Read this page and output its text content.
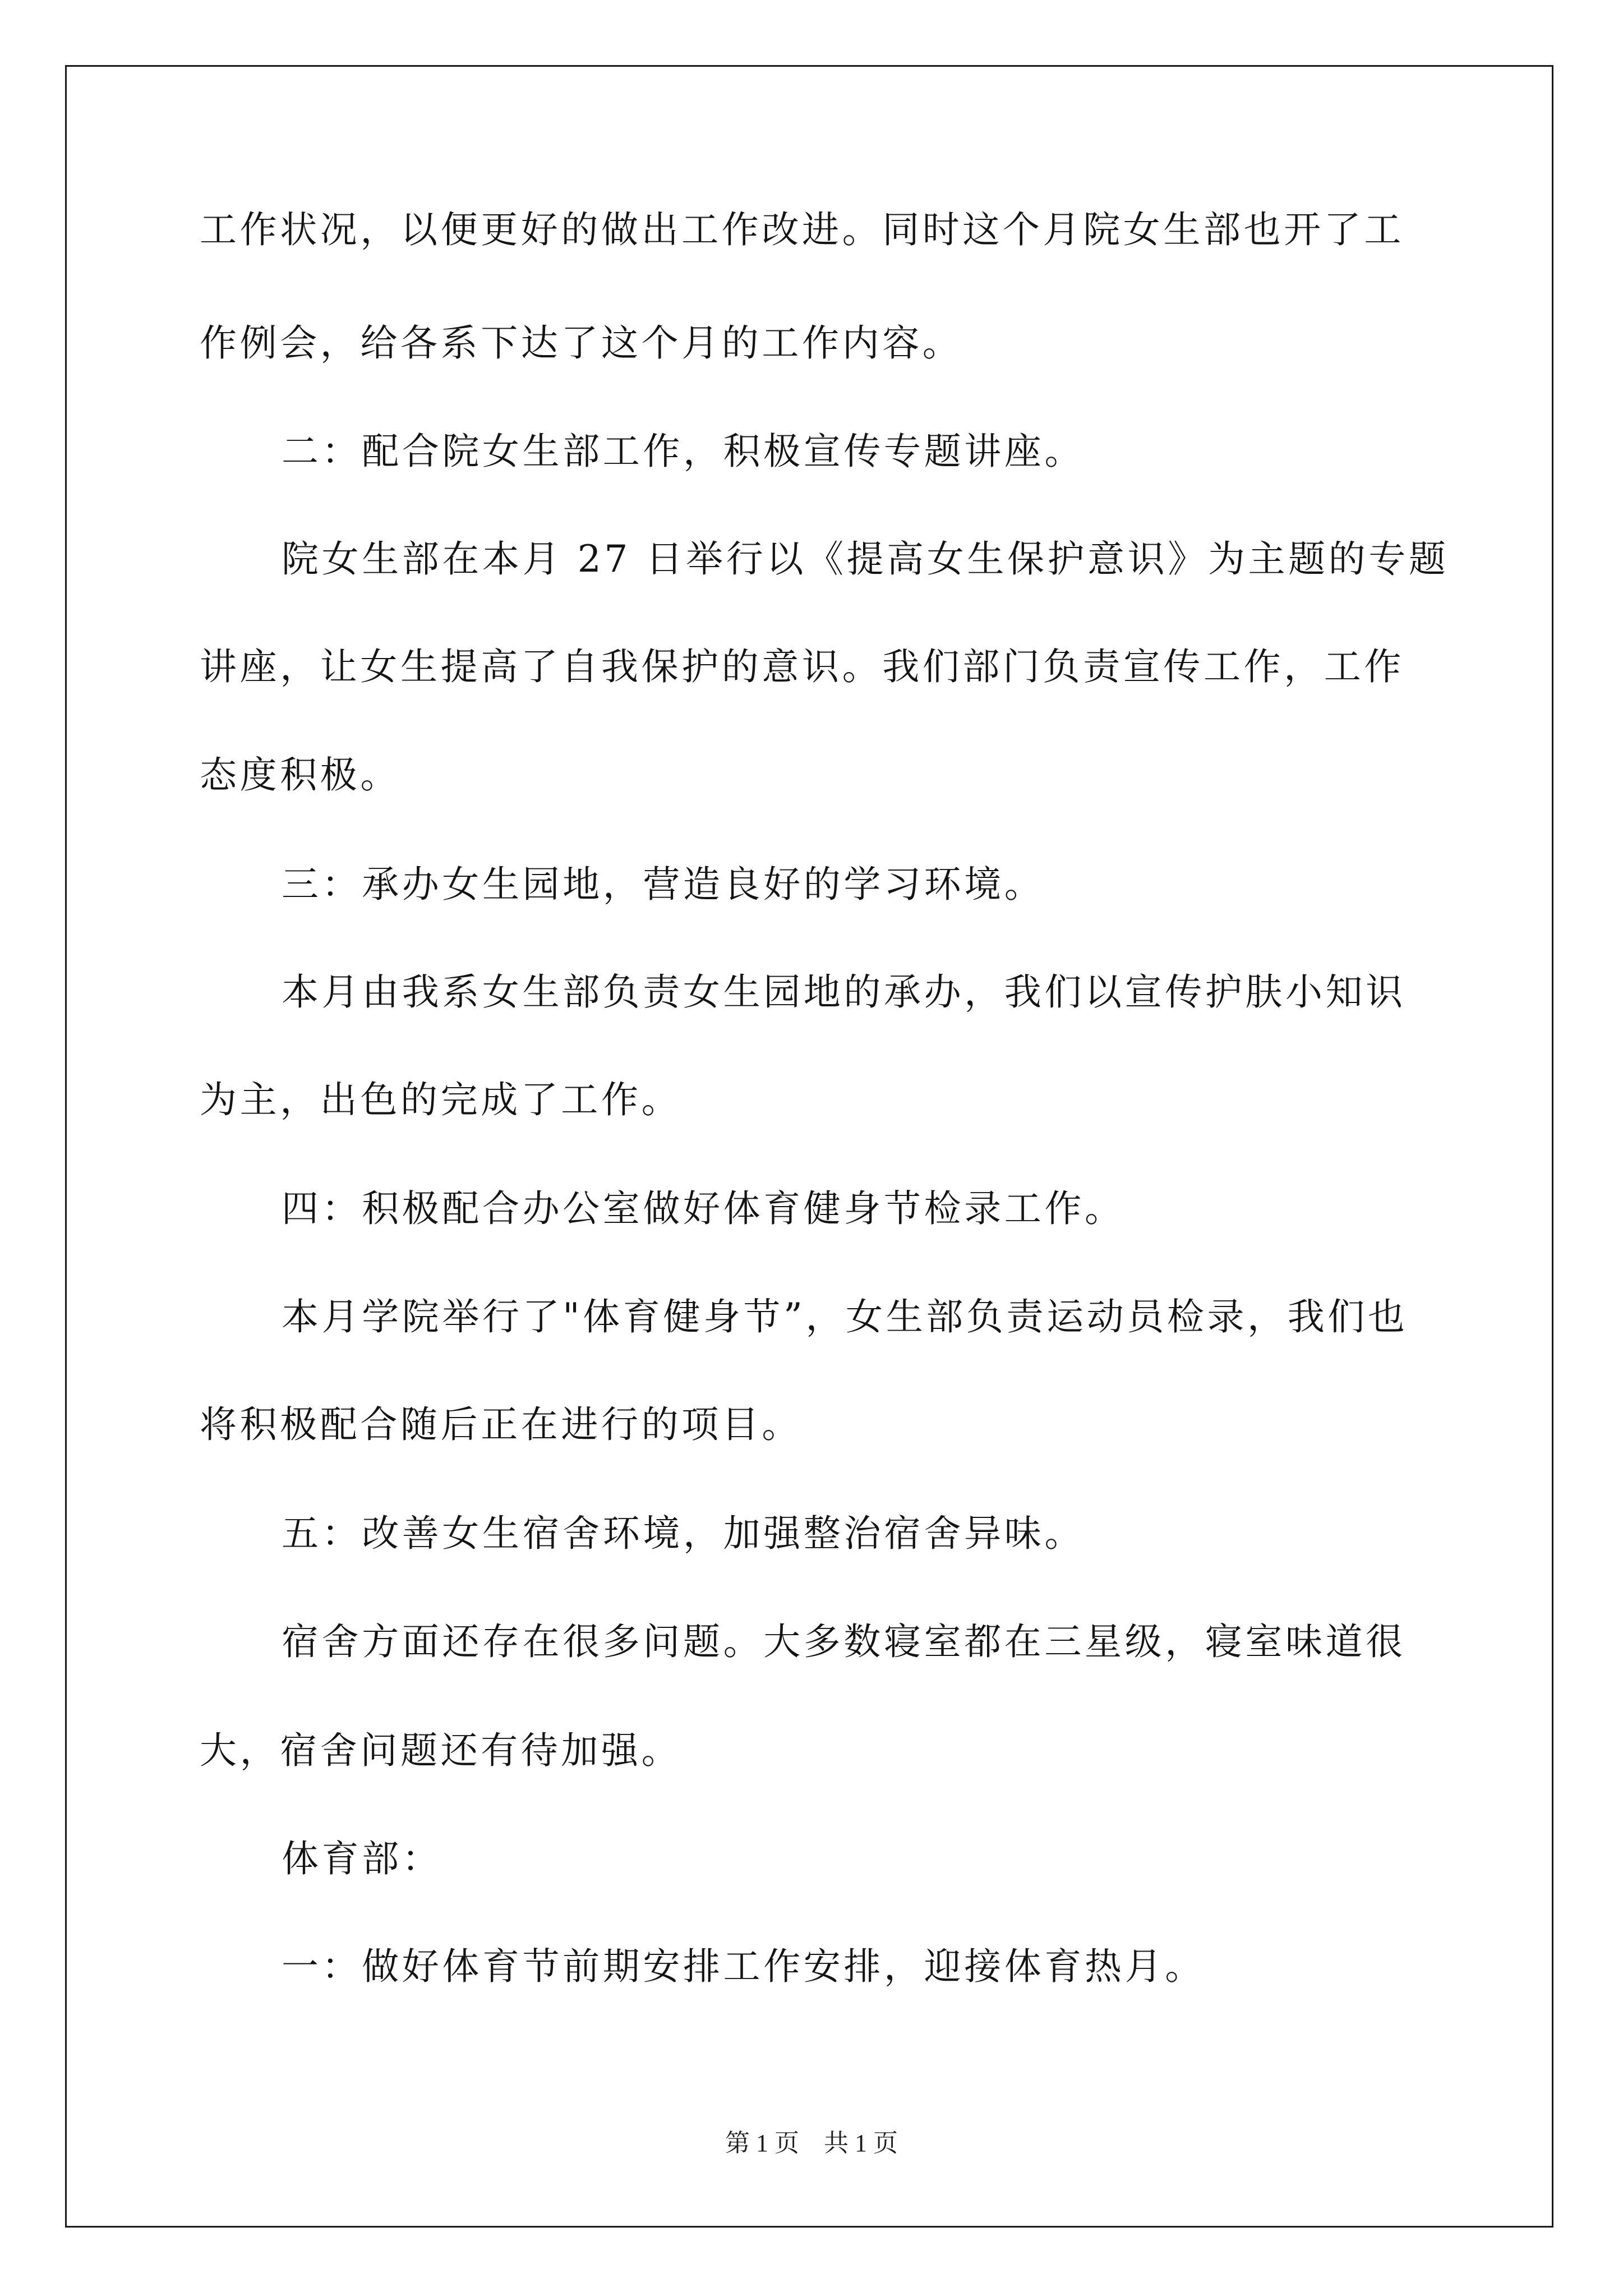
工作状况，以便更好的做出工作改进。同时这个月院女生部也开了工
作例会，给各系下达了这个月的工作内容。
二：配合院女生部工作，积极宣传专题讲座。
院女生部在本月 27 日举行以《提高女生保护意识》为主题的专题
讲座，让女生提高了自我保护的意识。我们部门负责宣传工作，工作
态度积极。
三：承办女生园地，营造良好的学习环境。
本月由我系女生部负责女生园地的承办，我们以宣传护肤小知识
为主，出色的完成了工作。
四：积极配合办公室做好体育健身节检录工作。
本月学院举行了"体育健身节”，女生部负责运动员检录，我们也
将积极配合随后正在进行的项目。
五：改善女生宿舍环境，加强整治宿舍异味。
宿舍方面还存在很多问题。大多数寝室都在三星级，寝室味道很
大，宿舍问题还有待加强。
体育部：
一：做好体育节前期安排工作安排，迎接体育热月。
第 1 页　共 1 页
